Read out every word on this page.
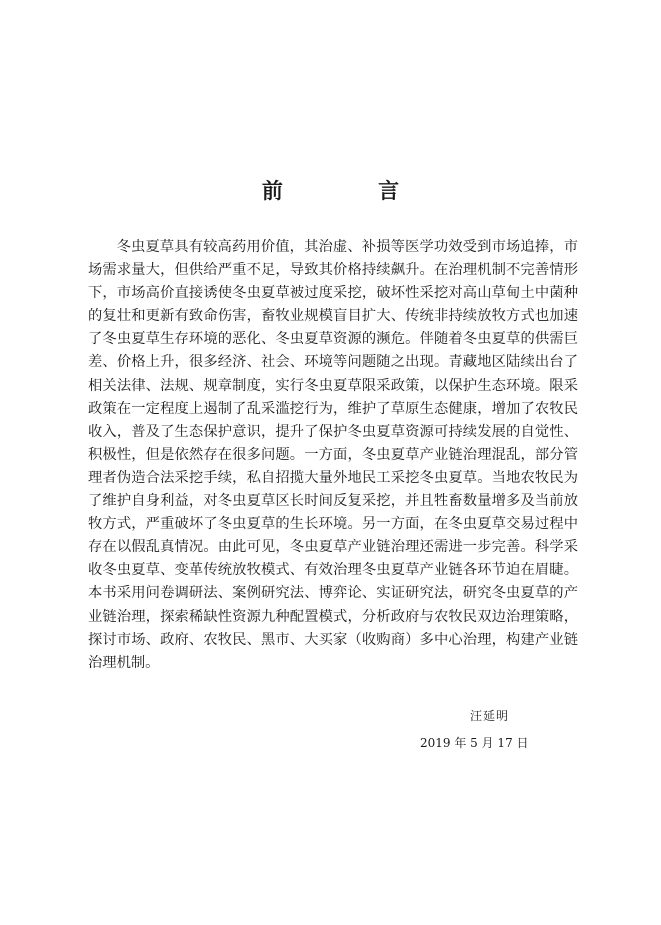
前 言

冬虫夏草具有较高药用价值，其治虚、补损等医学功效受到市场追捧，市场需求量大，但供给严重不足，导致其价格持续飙升。在治理机制不完善情形下，市场高价直接诱使冬虫夏草被过度采挖，破坏性采挖对高山草甸土中菌种的复壮和更新有致命伤害，畜牧业规模盲目扩大、传统非持续放牧方式也加速了冬虫夏草生存环境的恶化、冬虫夏草资源的濒危。伴随着冬虫夏草的供需巨差、价格上升，很多经济、社会、环境等问题随之出现。青藏地区陆续出台了相关法律、法规、规章制度，实行冬虫夏草限采政策，以保护生态环境。限采政策在一定程度上遏制了乱采滥挖行为，维护了草原生态健康，增加了农牧民收入，普及了生态保护意识，提升了保护冬虫夏草资源可持续发展的自觉性、积极性，但是依然存在很多问题。一方面，冬虫夏草产业链治理混乱，部分管理者伪造合法采挖手续，私自招揽大量外地民工采挖冬虫夏草。当地农牧民为了维护自身利益，对冬虫夏草区长时间反复采挖，并且牲畜数量增多及当前放牧方式，严重破坏了冬虫夏草的生长环境。另一方面，在冬虫夏草交易过程中存在以假乱真情况。由此可见，冬虫夏草产业链治理还需进一步完善。科学采收冬虫夏草、变革传统放牧模式、有效治理冬虫夏草产业链各环节迫在眉睫。本书采用问卷调研法、案例研究法、博弈论、实证研究法，研究冬虫夏草的产业链治理，探索稀缺性资源九种配置模式，分析政府与农牧民双边治理策略，探讨市场、政府、农牧民、黑市、大买家（收购商）多中心治理，构建产业链治理机制。

汪延明
2019 年 5 月 17 日
